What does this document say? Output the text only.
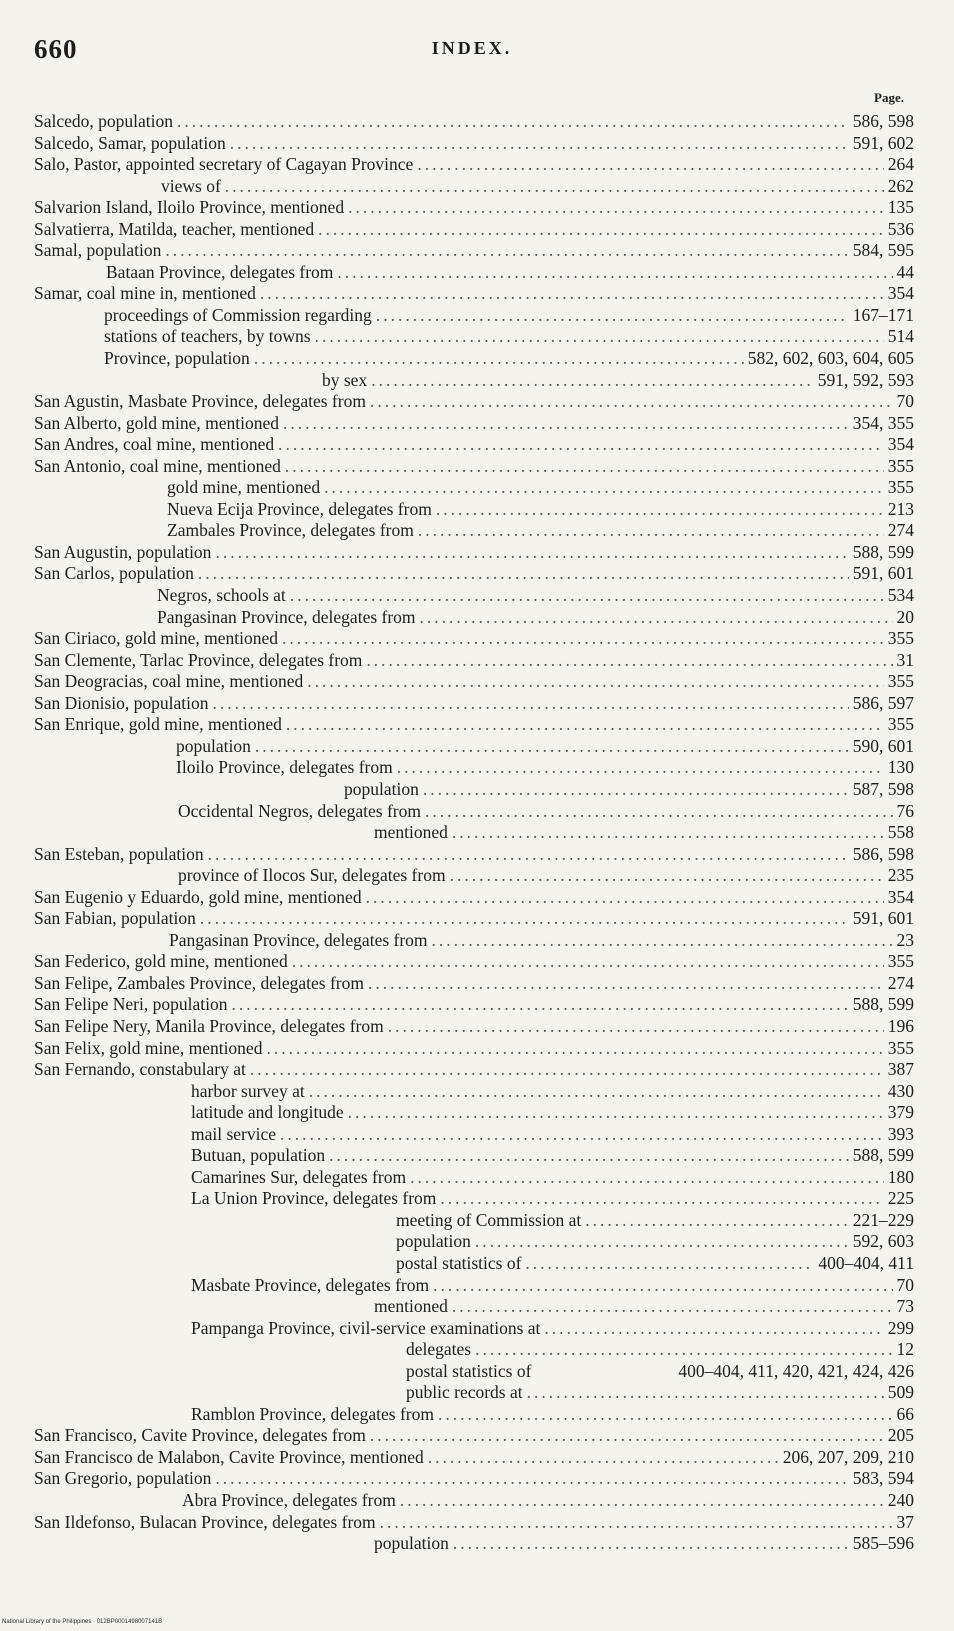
660	INDEX.
Page.
Salcedo, population .....	586, 598
Salcedo, Samar, population .....	591, 602
Salo, Pastor, appointed secretary of Cagayan Province .....	264
views of .....	262
Salvarion Island, Iloilo Province, mentioned .....	135
Salvatierra, Matilda, teacher, mentioned .....	536
Samal, population .....	584, 595
Bataan Province, delegates from .....	44
Samar, coal mine in, mentioned .....	354
proceedings of Commission regarding .....	167–171
stations of teachers, by towns .....	514
Province, population .....	582, 602, 603, 604, 605
by sex .....	591, 592, 593
San Agustin, Masbate Province, delegates from .....	70
San Alberto, gold mine, mentioned .....	354, 355
San Andres, coal mine, mentioned .....	354
San Antonio, coal mine, mentioned .....	355
gold mine, mentioned .....	355
Nueva Ecija Province, delegates from .....	213
Zambales Province, delegates from .....	274
San Augustin, population .....	588, 599
San Carlos, population .....	591, 601
Negros, schools at .....	534
Pangasinan Province, delegates from .....	20
San Ciriaco, gold mine, mentioned .....	355
San Clemente, Tarlac Province, delegates from .....	31
San Deogracias, coal mine, mentioned .....	355
San Dionisio, population .....	586, 597
San Enrique, gold mine, mentioned .....	355
population .....	590, 601
Iloilo Province, delegates from .....	130
population .....	587, 598
Occidental Negros, delegates from .....	76
mentioned .....	558
San Esteban, population .....	586, 598
province of Ilocos Sur, delegates from .....	235
San Eugenio y Eduardo, gold mine, mentioned .....	354
San Fabian, population .....	591, 601
Pangasinan Province, delegates from .....	23
San Federico, gold mine, mentioned .....	355
San Felipe, Zambales Province, delegates from .....	274
San Felipe Neri, population .....	588, 599
San Felipe Nery, Manila Province, delegates from .....	196
San Felix, gold mine, mentioned .....	355
San Fernando, constabulary at .....	387
harbor survey at .....	430
latitude and longitude .....	379
mail service .....	393
Butuan, population .....	588, 599
Camarines Sur, delegates from .....	180
La Union Province, delegates from .....	225
meeting of Commission at .....	221–229
population .....	592, 603
postal statistics of .....	400–404, 411
Masbate Province, delegates from .....	70
mentioned .....	73
Pampanga Province, civil-service examinations at .....	299
delegates .....	12
postal statistics of	400–404, 411, 420, 421, 424, 426
public records at .....	509
Ramblon Province, delegates from .....	66
San Francisco, Cavite Province, delegates from .....	205
San Francisco de Malabon, Cavite Province, mentioned .....	206, 207, 209, 210
San Gregorio, population .....	583, 594
Abra Province, delegates from .....	240
San Ildefonso, Bulacan Province, delegates from .....	37
population .....	585–596
National Library of the Philippines · 012BP0001498007141B
